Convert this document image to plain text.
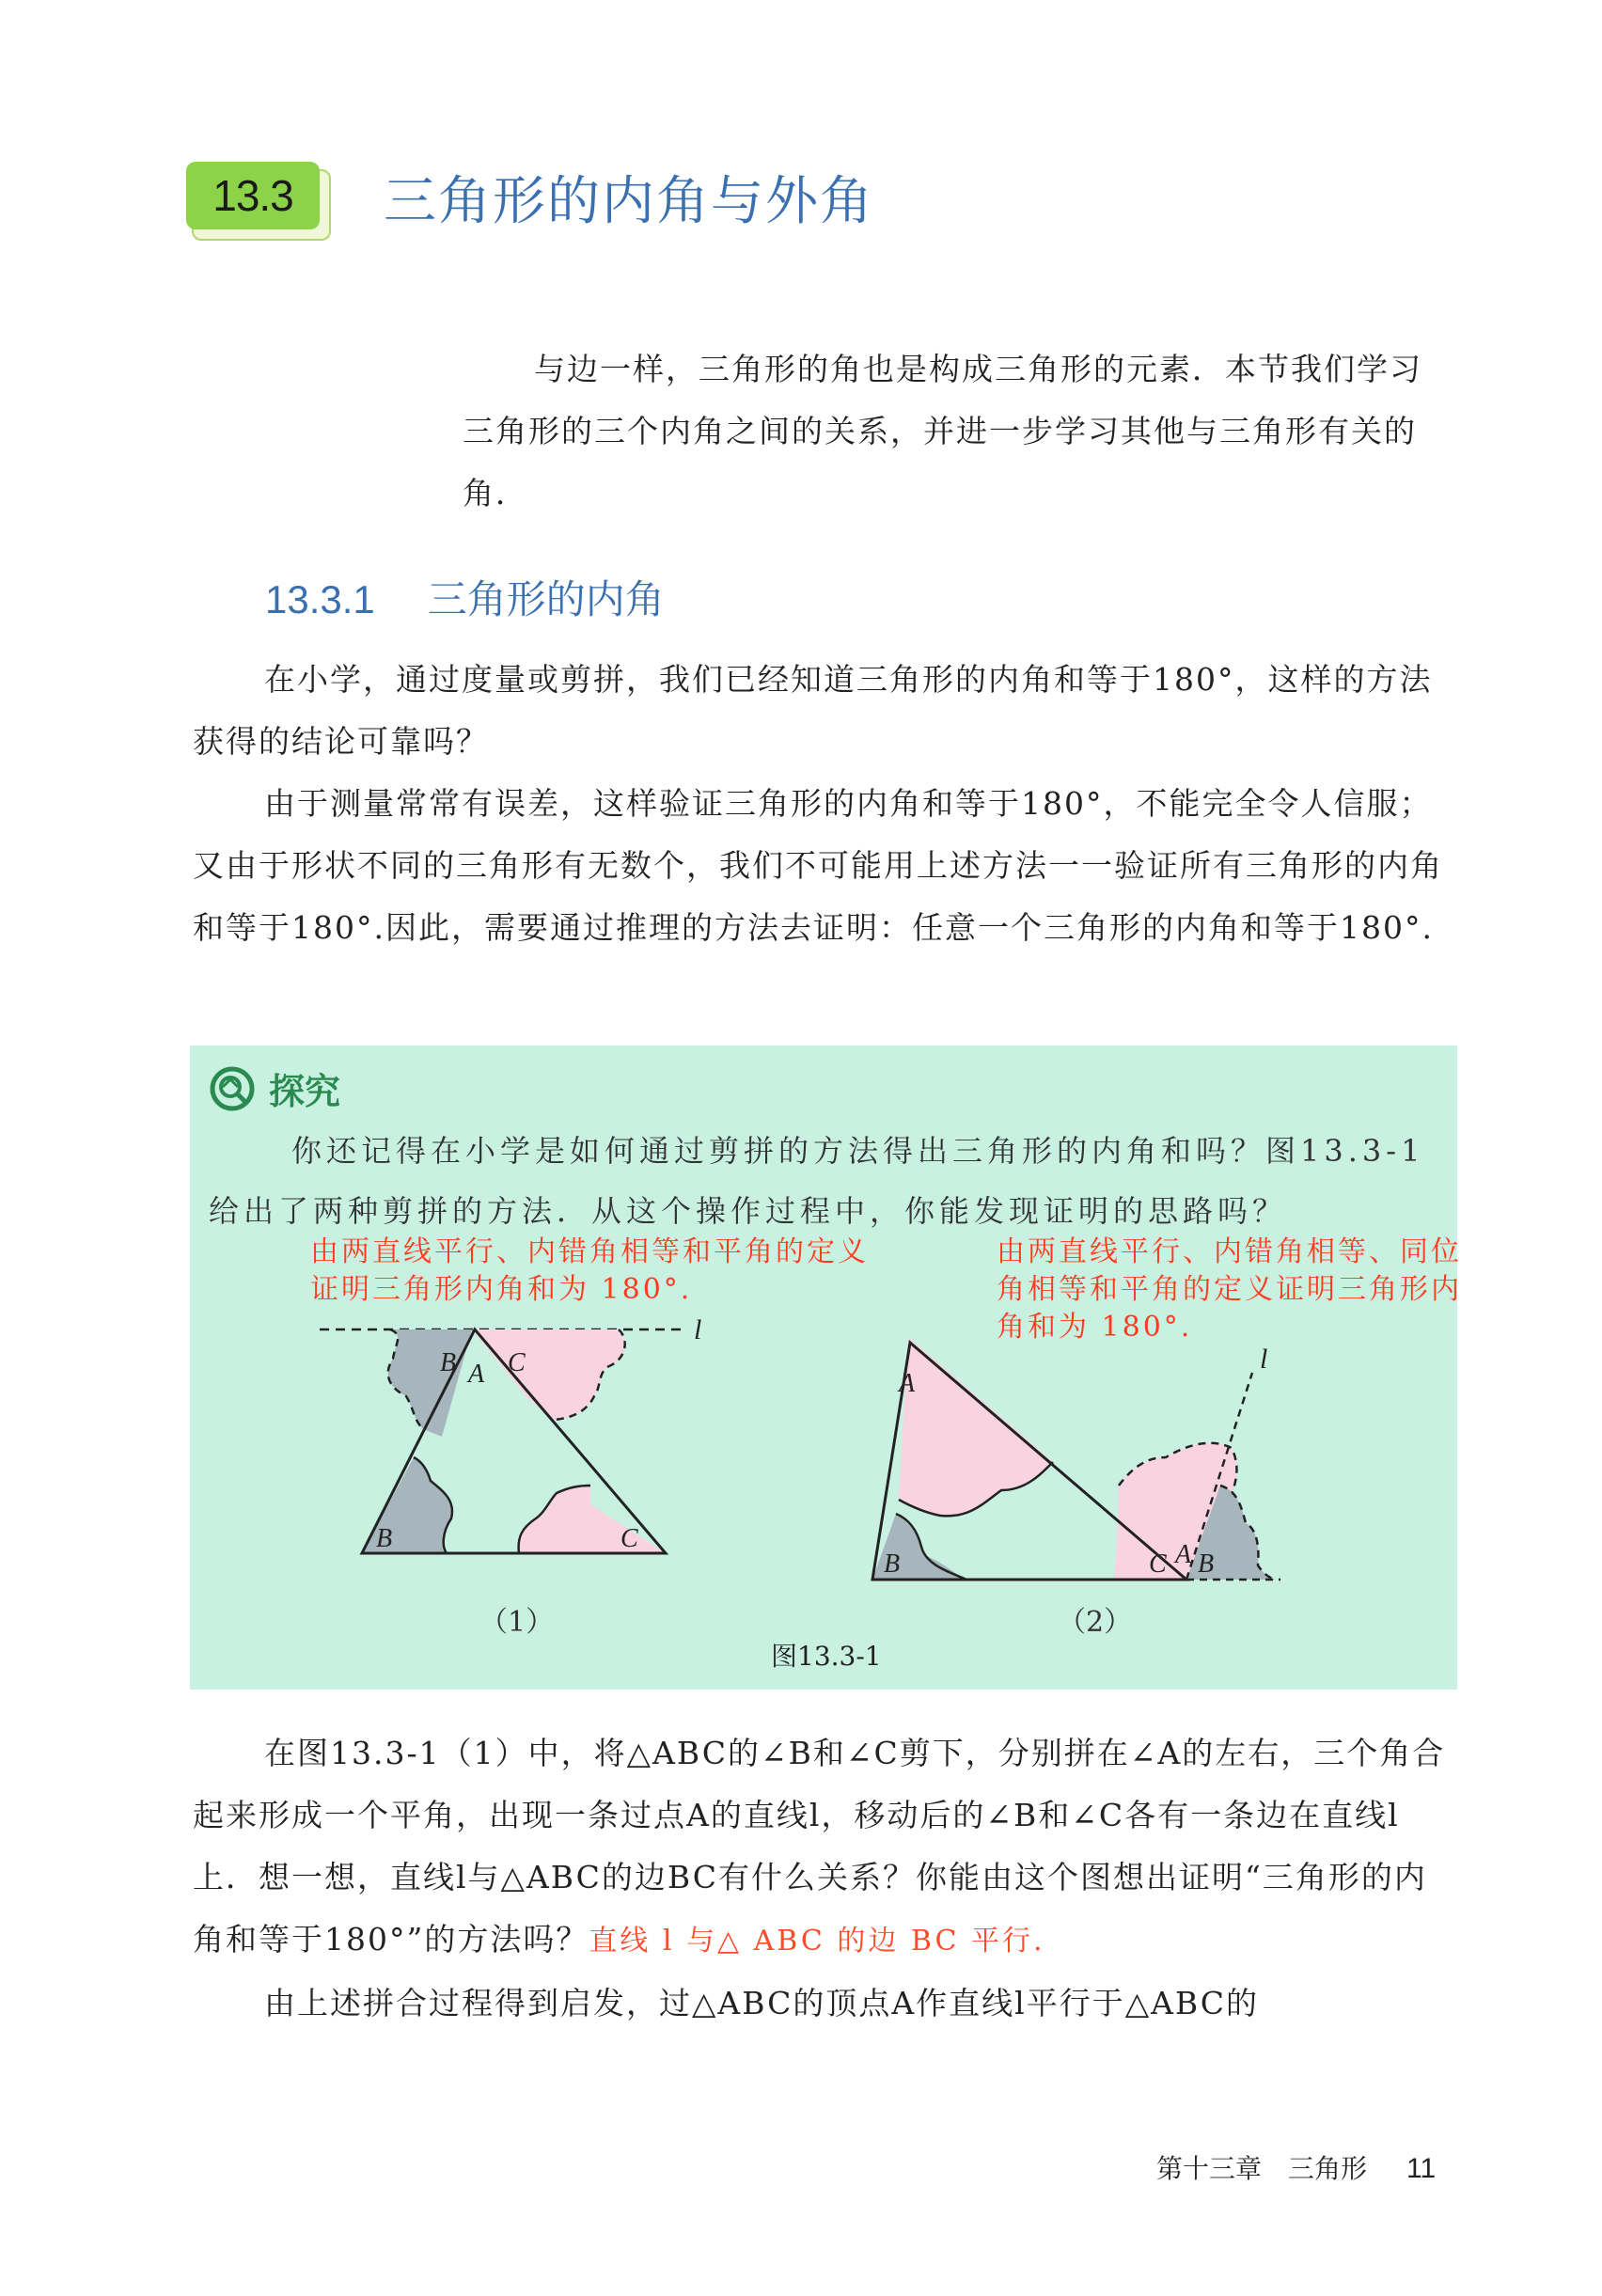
13.3	三角形的内角与外角
与边一样，三角形的角也是构成三角形的元素．本节我们学习三角形的三个内角之间的关系，并进一步学习其他与三角形有关的角．
13.3.1 三角形的内角

在小学，通过度量或剪拼，我们已经知道三角形的内角和等于180°，这样的方法获得的结论可靠吗？

由于测量常常有误差，这样验证三角形的内角和等于180°，不能完全令人信服；又由于形状不同的三角形有无数个，我们不可能用上述方法一一验证所有三角形的内角和等于180°.因此，需要通过推理的方法去证明：任意一个三角形的内角和等于180°.

探究
你还记得在小学是如何通过剪拼的方法得出三角形的内角和吗？图13.3-1给出了两种剪拼的方法．从这个操作过程中，你能发现证明的思路吗？
由两直线平行、内错角相等和平角的定义证明三角形内角和为 180°.
由两直线平行、内错角相等、同位角相等和平角的定义证明三角形内角和为 180°.
B A C
B	C
l
（1）
A
B	C A B
l
（2）
图13.3-1

在图13.3-1（1）中，将△ABC的∠B和∠C剪下，分别拼在∠A的左右，三个角合起来形成一个平角，出现一条过点A的直线l，移动后的∠B和∠C各有一条边在直线l上．想一想，直线l与△ABC的边BC有什么关系？你能由这个图想出证明“三角形的内角和等于180°”的方法吗？直线 l 与△ ABC 的边 BC 平行.

由上述拼合过程得到启发，过△ABC的顶点A作直线l平行于△ABC的

第十三章　三角形 11
